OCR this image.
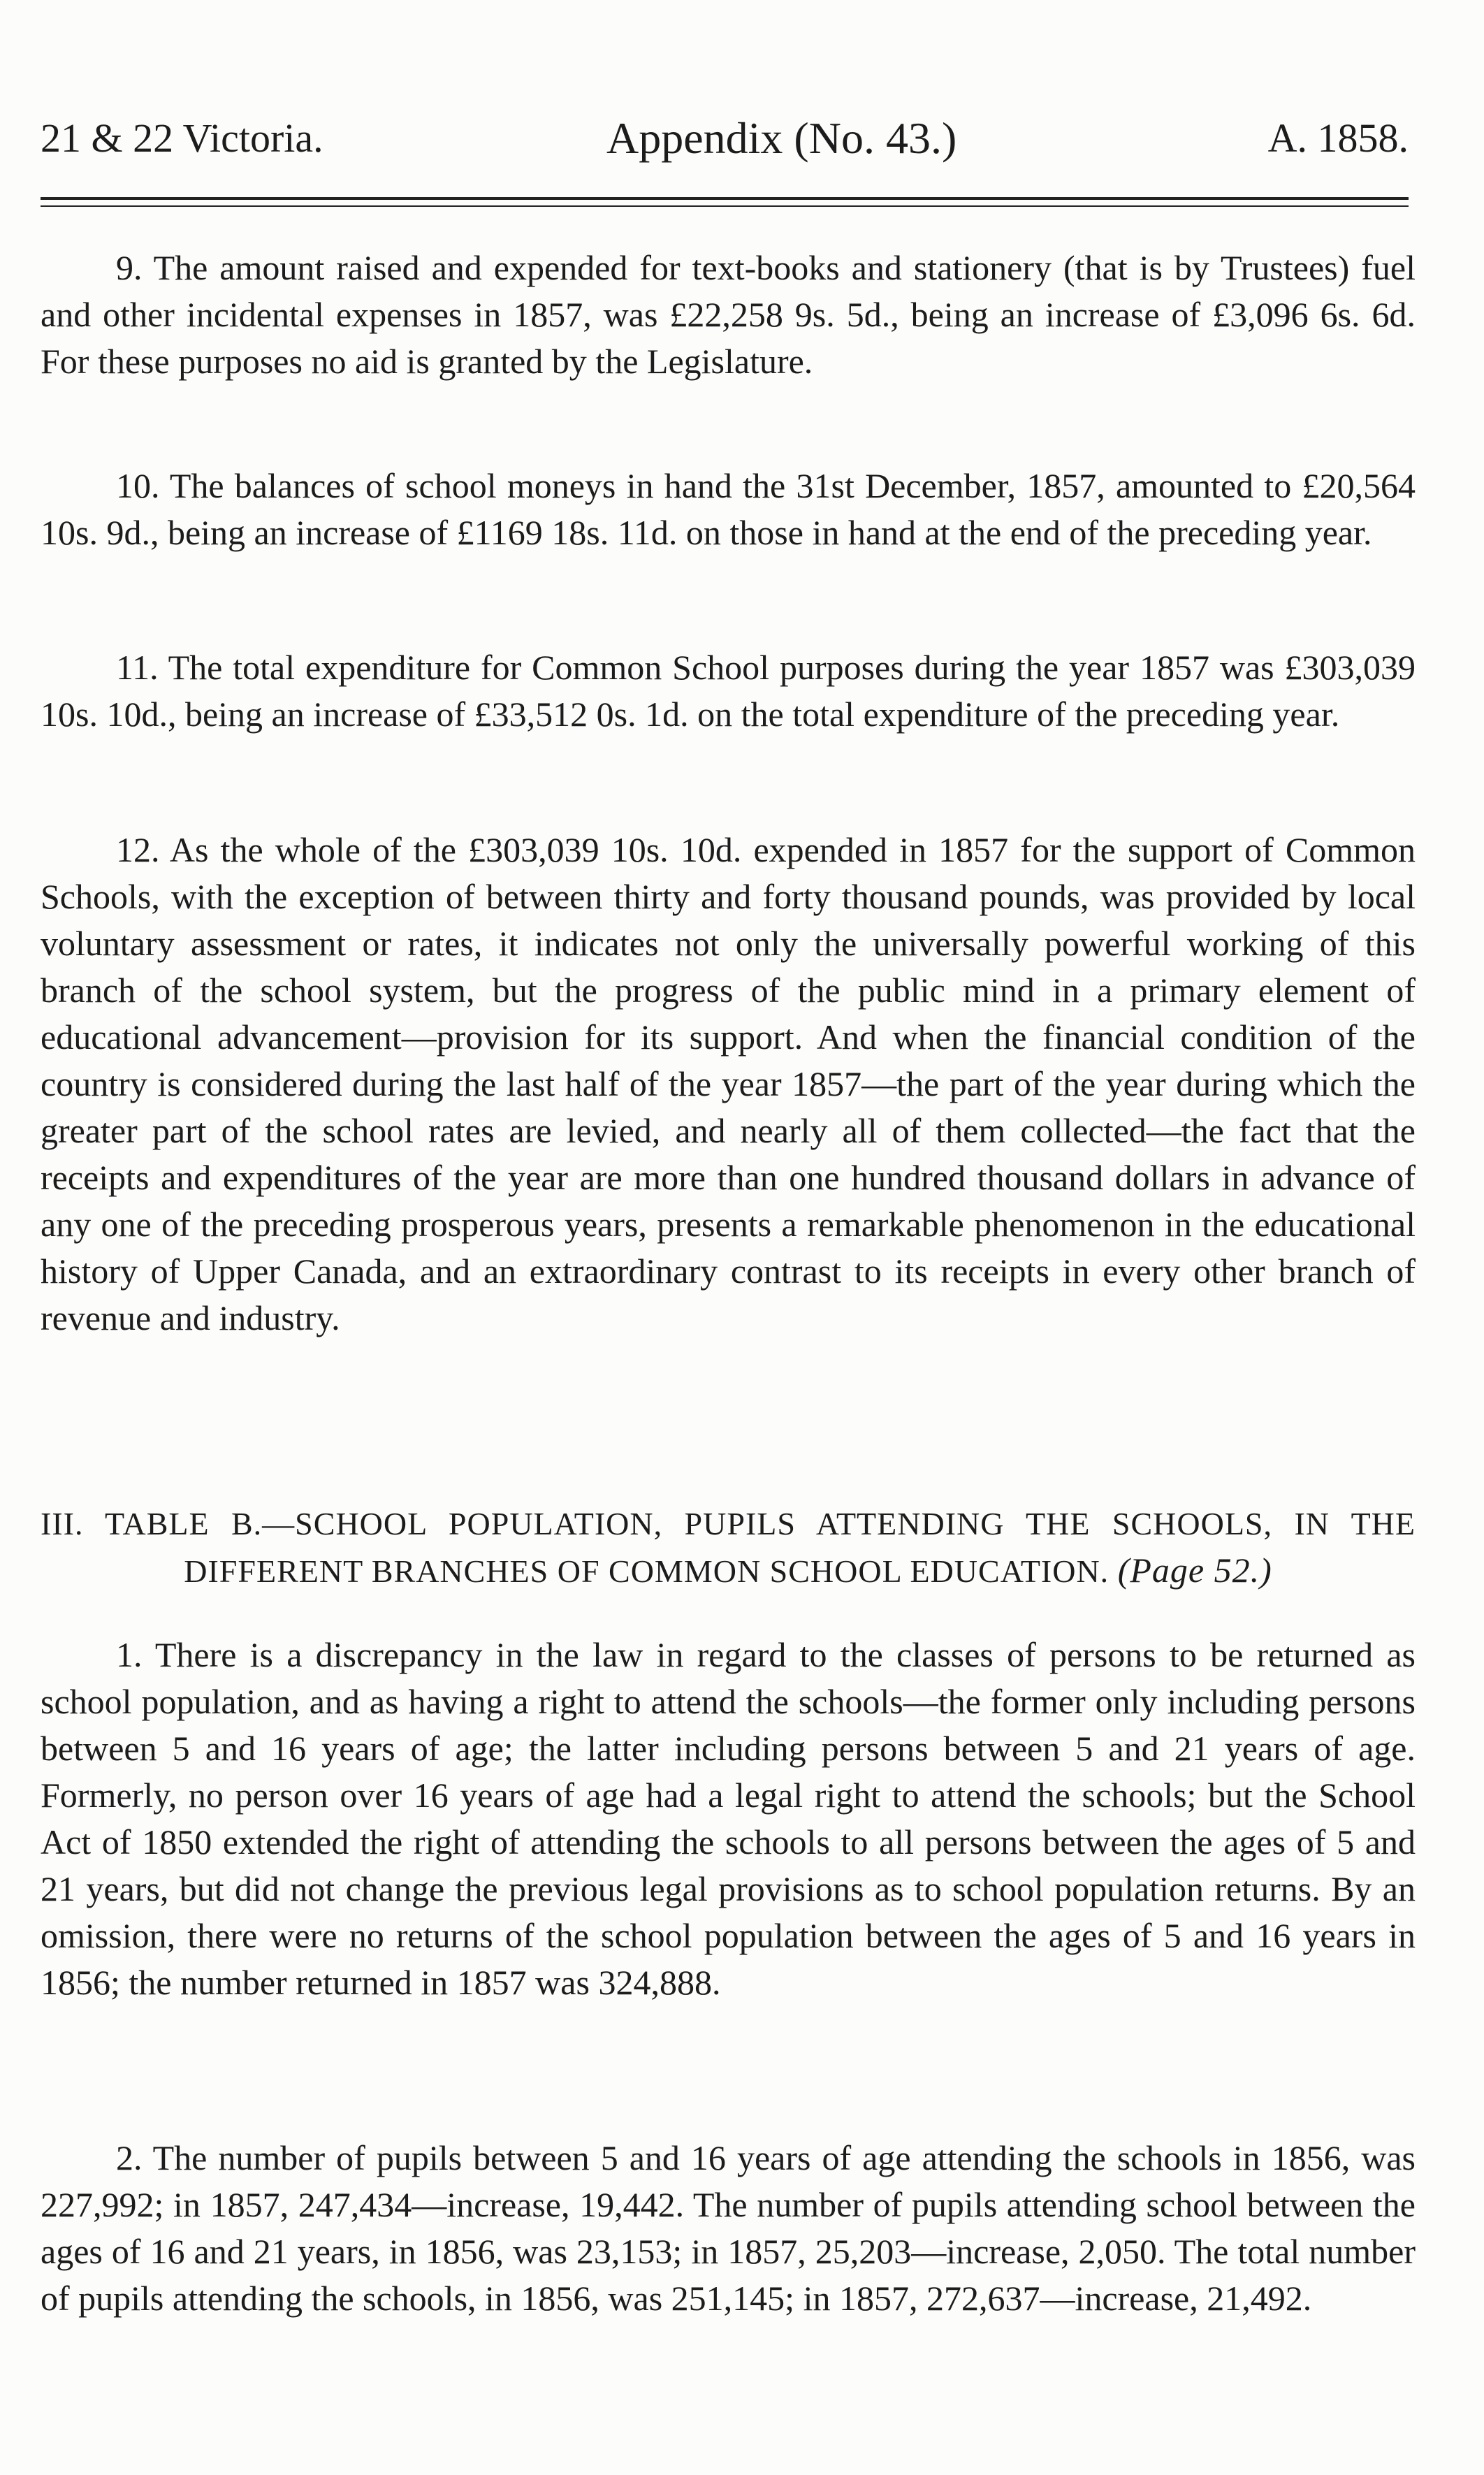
21 & 22 Victoria.	Appendix (No. 43.)	A. 1858.

9. The amount raised and expended for text-books and stationery (that is by Trustees) fuel and other incidental expenses in 1857, was £22,258 9s. 5d., being an increase of £3,096 6s. 6d. For these purposes no aid is granted by the Legislature.

10. The balances of school moneys in hand the 31st December, 1857, amounted to £20,564 10s. 9d., being an increase of £1169 18s. 11d. on those in hand at the end of the preceding year.

11. The total expenditure for Common School purposes during the year 1857 was £303,039 10s. 10d., being an increase of £33,512 0s. 1d. on the total expenditure of the preceding year.

12. As the whole of the £303,039 10s. 10d. expended in 1857 for the support of Common Schools, with the exception of between thirty and forty thousand pounds, was provided by local voluntary assessment or rates, it indicates not only the universally powerful working of this branch of the school system, but the progress of the public mind in a primary element of educational advancement—provision for its support. And when the financial condition of the country is considered during the last half of the year 1857—the part of the year during which the greater part of the school rates are levied, and nearly all of them collected—the fact that the receipts and expenditures of the year are more than one hundred thousand dollars in advance of any one of the preceding prosperous years, presents a remarkable phenomenon in the educational history of Upper Canada, and an extraordinary contrast to its receipts in every other branch of revenue and industry.

III. TABLE B.—SCHOOL POPULATION, PUPILS ATTENDING THE SCHOOLS, IN THE
DIFFERENT BRANCHES OF COMMON SCHOOL EDUCATION. (Page 52.)

1. There is a discrepancy in the law in regard to the classes of persons to be returned as school population, and as having a right to attend the schools—the former only including persons between 5 and 16 years of age; the latter including persons between 5 and 21 years of age. Formerly, no person over 16 years of age had a legal right to attend the schools; but the School Act of 1850 extended the right of attending the schools to all persons between the ages of 5 and 21 years, but did not change the previous legal provisions as to school population returns. By an omission, there were no returns of the school population between the ages of 5 and 16 years in 1856; the number returned in 1857 was 324,888.

2. The number of pupils between 5 and 16 years of age attending the schools in 1856, was 227,992; in 1857, 247,434—increase, 19,442. The number of pupils attending school between the ages of 16 and 21 years, in 1856, was 23,153; in 1857, 25,203—increase, 2,050. The total number of pupils attending the schools, in 1856, was 251,145; in 1857, 272,637—increase, 21,492.
